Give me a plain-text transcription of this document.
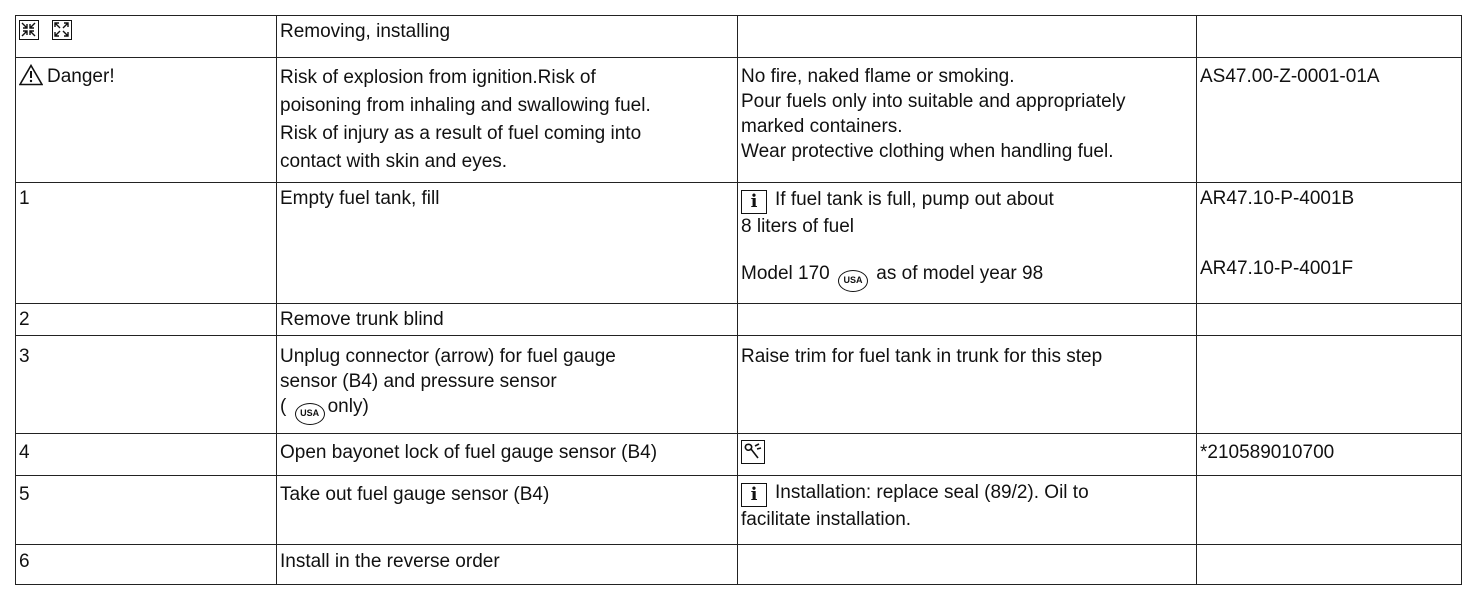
	Removing, installing		
Danger!	Risk of explosion from ignition.Risk of
poisoning from inhaling and swallowing fuel.
Risk of injury as a result of fuel coming into
contact with skin and eyes.	No fire, naked flame or smoking.
Pour fuels only into suitable and appropriately
marked containers.
Wear protective clothing when handling fuel.	AS47.00-Z-0001-01A
1	Empty fuel tank, fill	i If fuel tank is full, pump out about
8 liters of fuel
Model 170 USA as of model year 98	AR47.10-P-4001B
AR47.10-P-4001F

2	Remove trunk blind		
3	Unplug connector (arrow) for fuel gauge
sensor (B4) and pressure sensor
( USA only)	Raise trim for fuel tank in trunk for this step	
4	Open bayonet lock of fuel gauge sensor (B4)		*210589010700
5	Take out fuel gauge sensor (B4)	i Installation: replace seal (89/2). Oil to
facilitate installation.	

6	Install in the reverse order		
